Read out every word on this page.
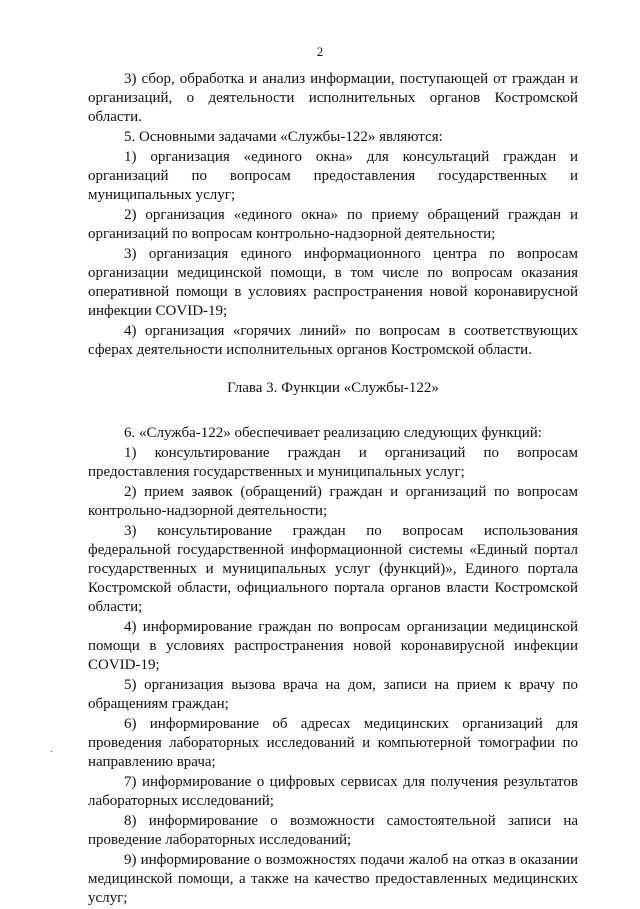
2

3) сбор, обработка и анализ информации, поступающей от граждан и организаций, о деятельности исполнительных органов Костромской области.

5. Основными задачами «Службы-122» являются:

1) организация «единого окна» для консультаций граждан и организаций по вопросам предоставления государственных и муниципальных услуг;

2) организация «единого окна» по приему обращений граждан и организаций по вопросам контрольно-надзорной деятельности;

3) организация единого информационного центра по вопросам организации медицинской помощи, в том числе по вопросам оказания оперативной помощи в условиях распространения новой коронавирусной инфекции COVID-19;

4) организация «горячих линий» по вопросам в соответствующих сферах деятельности исполнительных органов Костромской области.

Глава 3. Функции «Службы-122»

6. «Служба-122» обеспечивает реализацию следующих функций:

1) консультирование граждан и организаций по вопросам предоставления государственных и муниципальных услуг;

2) прием заявок (обращений) граждан и организаций по вопросам контрольно-надзорной деятельности;

3) консультирование граждан по вопросам использования федеральной государственной информационной системы «Единый портал государственных и муниципальных услуг (функций)», Единого портала Костромской области, официального портала органов власти Костромской области;

4) информирование граждан по вопросам организации медицинской помощи в условиях распространения новой коронавирусной инфекции COVID-19;

5) организация вызова врача на дом, записи на прием к врачу по обращениям граждан;

6) информирование об адресах медицинских организаций для проведения лабораторных исследований и компьютерной томографии по направлению врача;

7) информирование о цифровых сервисах для получения результатов лабораторных исследований;

8) информирование о возможности самостоятельной записи на проведение лабораторных исследований;

9) информирование о возможностях подачи жалоб на отказ в оказании медицинской помощи, а также на качество предоставленных медицинских услуг;

·
